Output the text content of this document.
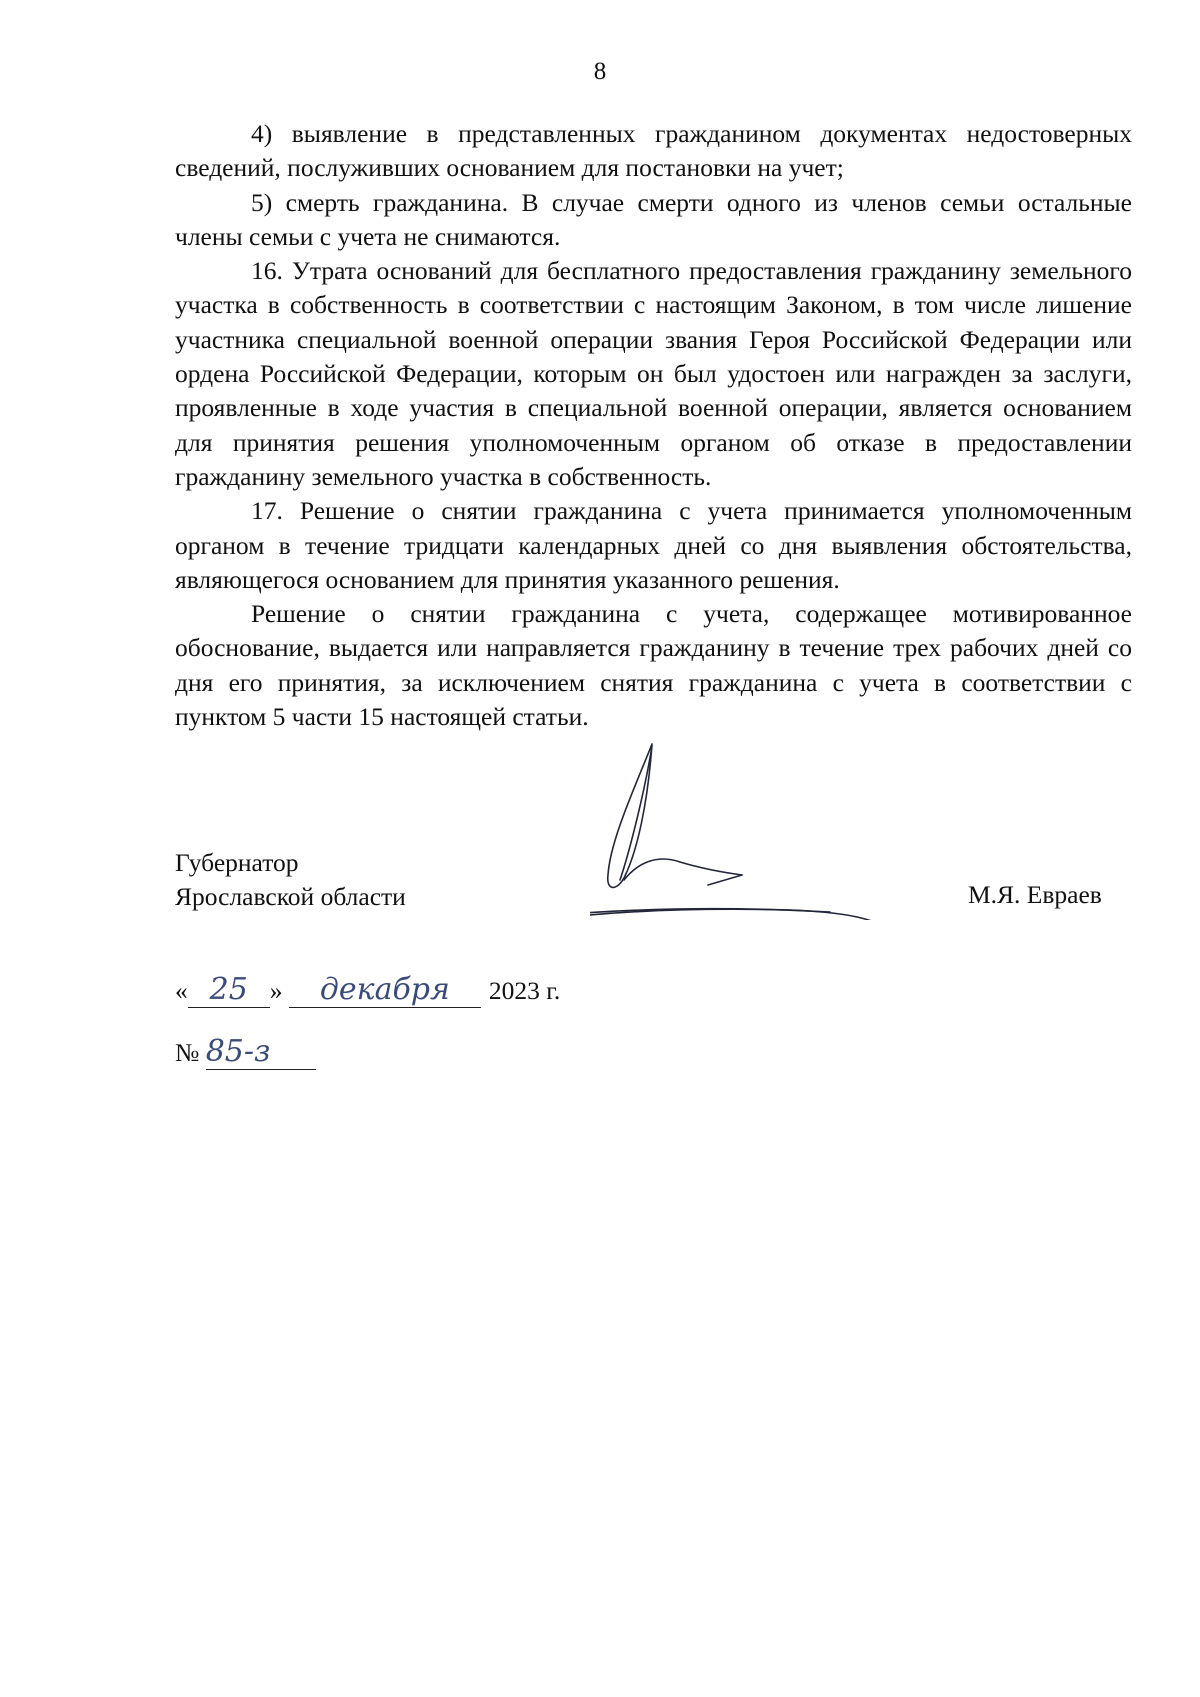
8

4) выявление в представленных гражданином документах недостоверных сведений, послуживших основанием для постановки на учет;

5) смерть гражданина. В случае смерти одного из членов семьи остальные члены семьи с учета не снимаются.

16. Утрата оснований для бесплатного предоставления гражданину земельного участка в собственность в соответствии с настоящим Законом, в том числе лишение участника специальной военной операции звания Героя Российской Федерации или ордена Российской Федерации, которым он был удостоен или награжден за заслуги, проявленные в ходе участия в специальной военной операции, является основанием для принятия решения уполномоченным органом об отказе в предоставлении гражданину земельного участка в собственность.

17. Решение о снятии гражданина с учета принимается уполномоченным органом в течение тридцати календарных дней со дня выявления обстоятельства, являющегося основанием для принятия указанного решения.

Решение о снятии гражданина с учета, содержащее мотивированное обоснование, выдается или направляется гражданину в течение трех рабочих дней со дня его принятия, за исключением снятия гражданина с учета в соответствии с пунктом 5 части 15 настоящей статьи.

Губернатор
Ярославской области	М.Я. Евраев
« 25 » декабря 2023 г.
№ 85-з
